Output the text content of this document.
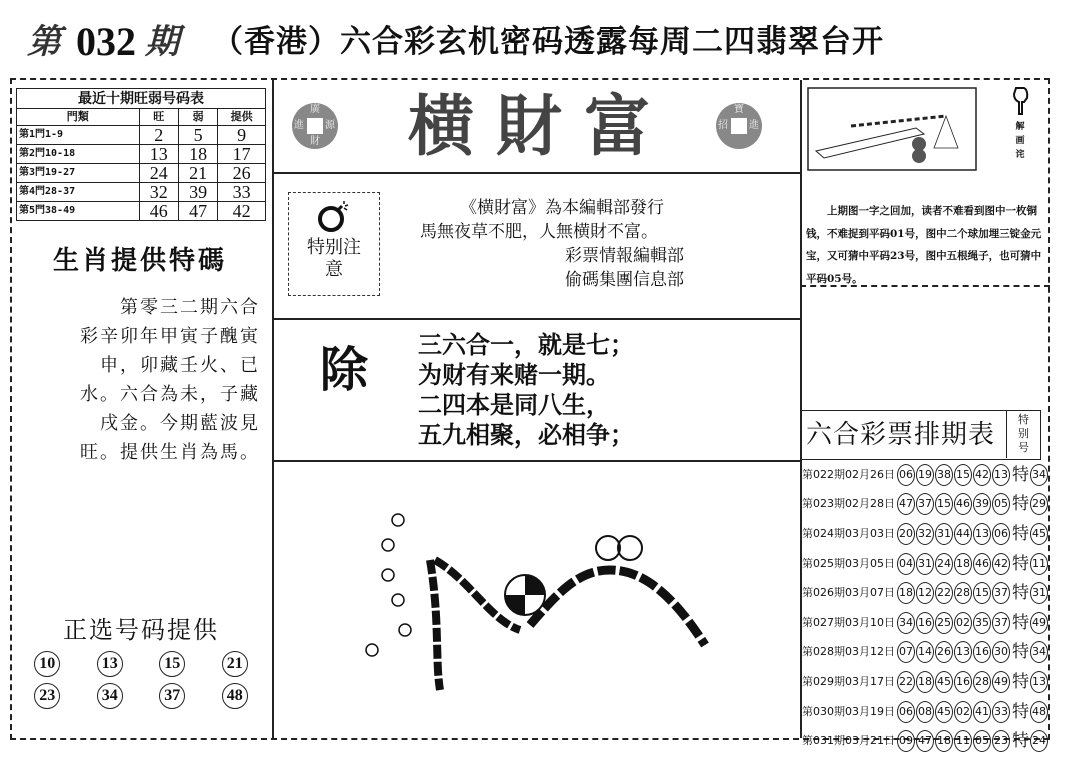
第 032 期 （香港）六合彩玄机密码透露每周二四翡翠台开
最近十期旺弱号码表			
門類	旺	弱	提供
第1門1-9	2	5	9
第2門10-18	13	18	17
第3門19-27	24	21	26
第4門28-37	32	39	33
第5門38-49	46	47	42
生肖提供特碼

第零三二期六合

彩辛卯年甲寅子醜寅

申，卯藏壬火、已

水。六合為未，子藏

戌金。今期藍波見

旺。提供生肖為馬。

正选号码提供
10	13	15	21
23	34	37	48
廣
進 源
財	横財富	寶
招 進
特别注意
《横財富》為本編輯部發行
馬無夜草不肥，人無横財不富。
彩票情報編輯部
偷碼集團信息部
除 三六合一，就是七；
为财有来赌一期。
二四本是同八生，
五九相聚，必相争；
解画诧
上期图一字之回加，读者不难看到图中一枚铜钱，不难捉到平码01号，图中二个球加埋三锭金元宝，又可猜中平码23号，图中五根绳子，也可猜中平码05号。
六合彩票排期表
特别号
第022期02月26日 06 19 38 15 42 13 特 34
第023期02月28日 47 37 15 46 39 05 特 29
第024期03月03日 20 32 31 44 13 06 特 45
第025期03月05日 04 31 24 18 46 42 特 11
第026期03月07日 18 12 22 28 15 37 特 31
第027期03月10日 34 16 25 02 35 37 特 49
第028期03月12日 07 14 26 13 16 30 特 34
第029期03月17日 22 18 45 16 28 49 特 13
第030期03月19日 06 08 45 02 41 33 特 48
第031期03月21日 09 47 18 11 05 23 特 24
